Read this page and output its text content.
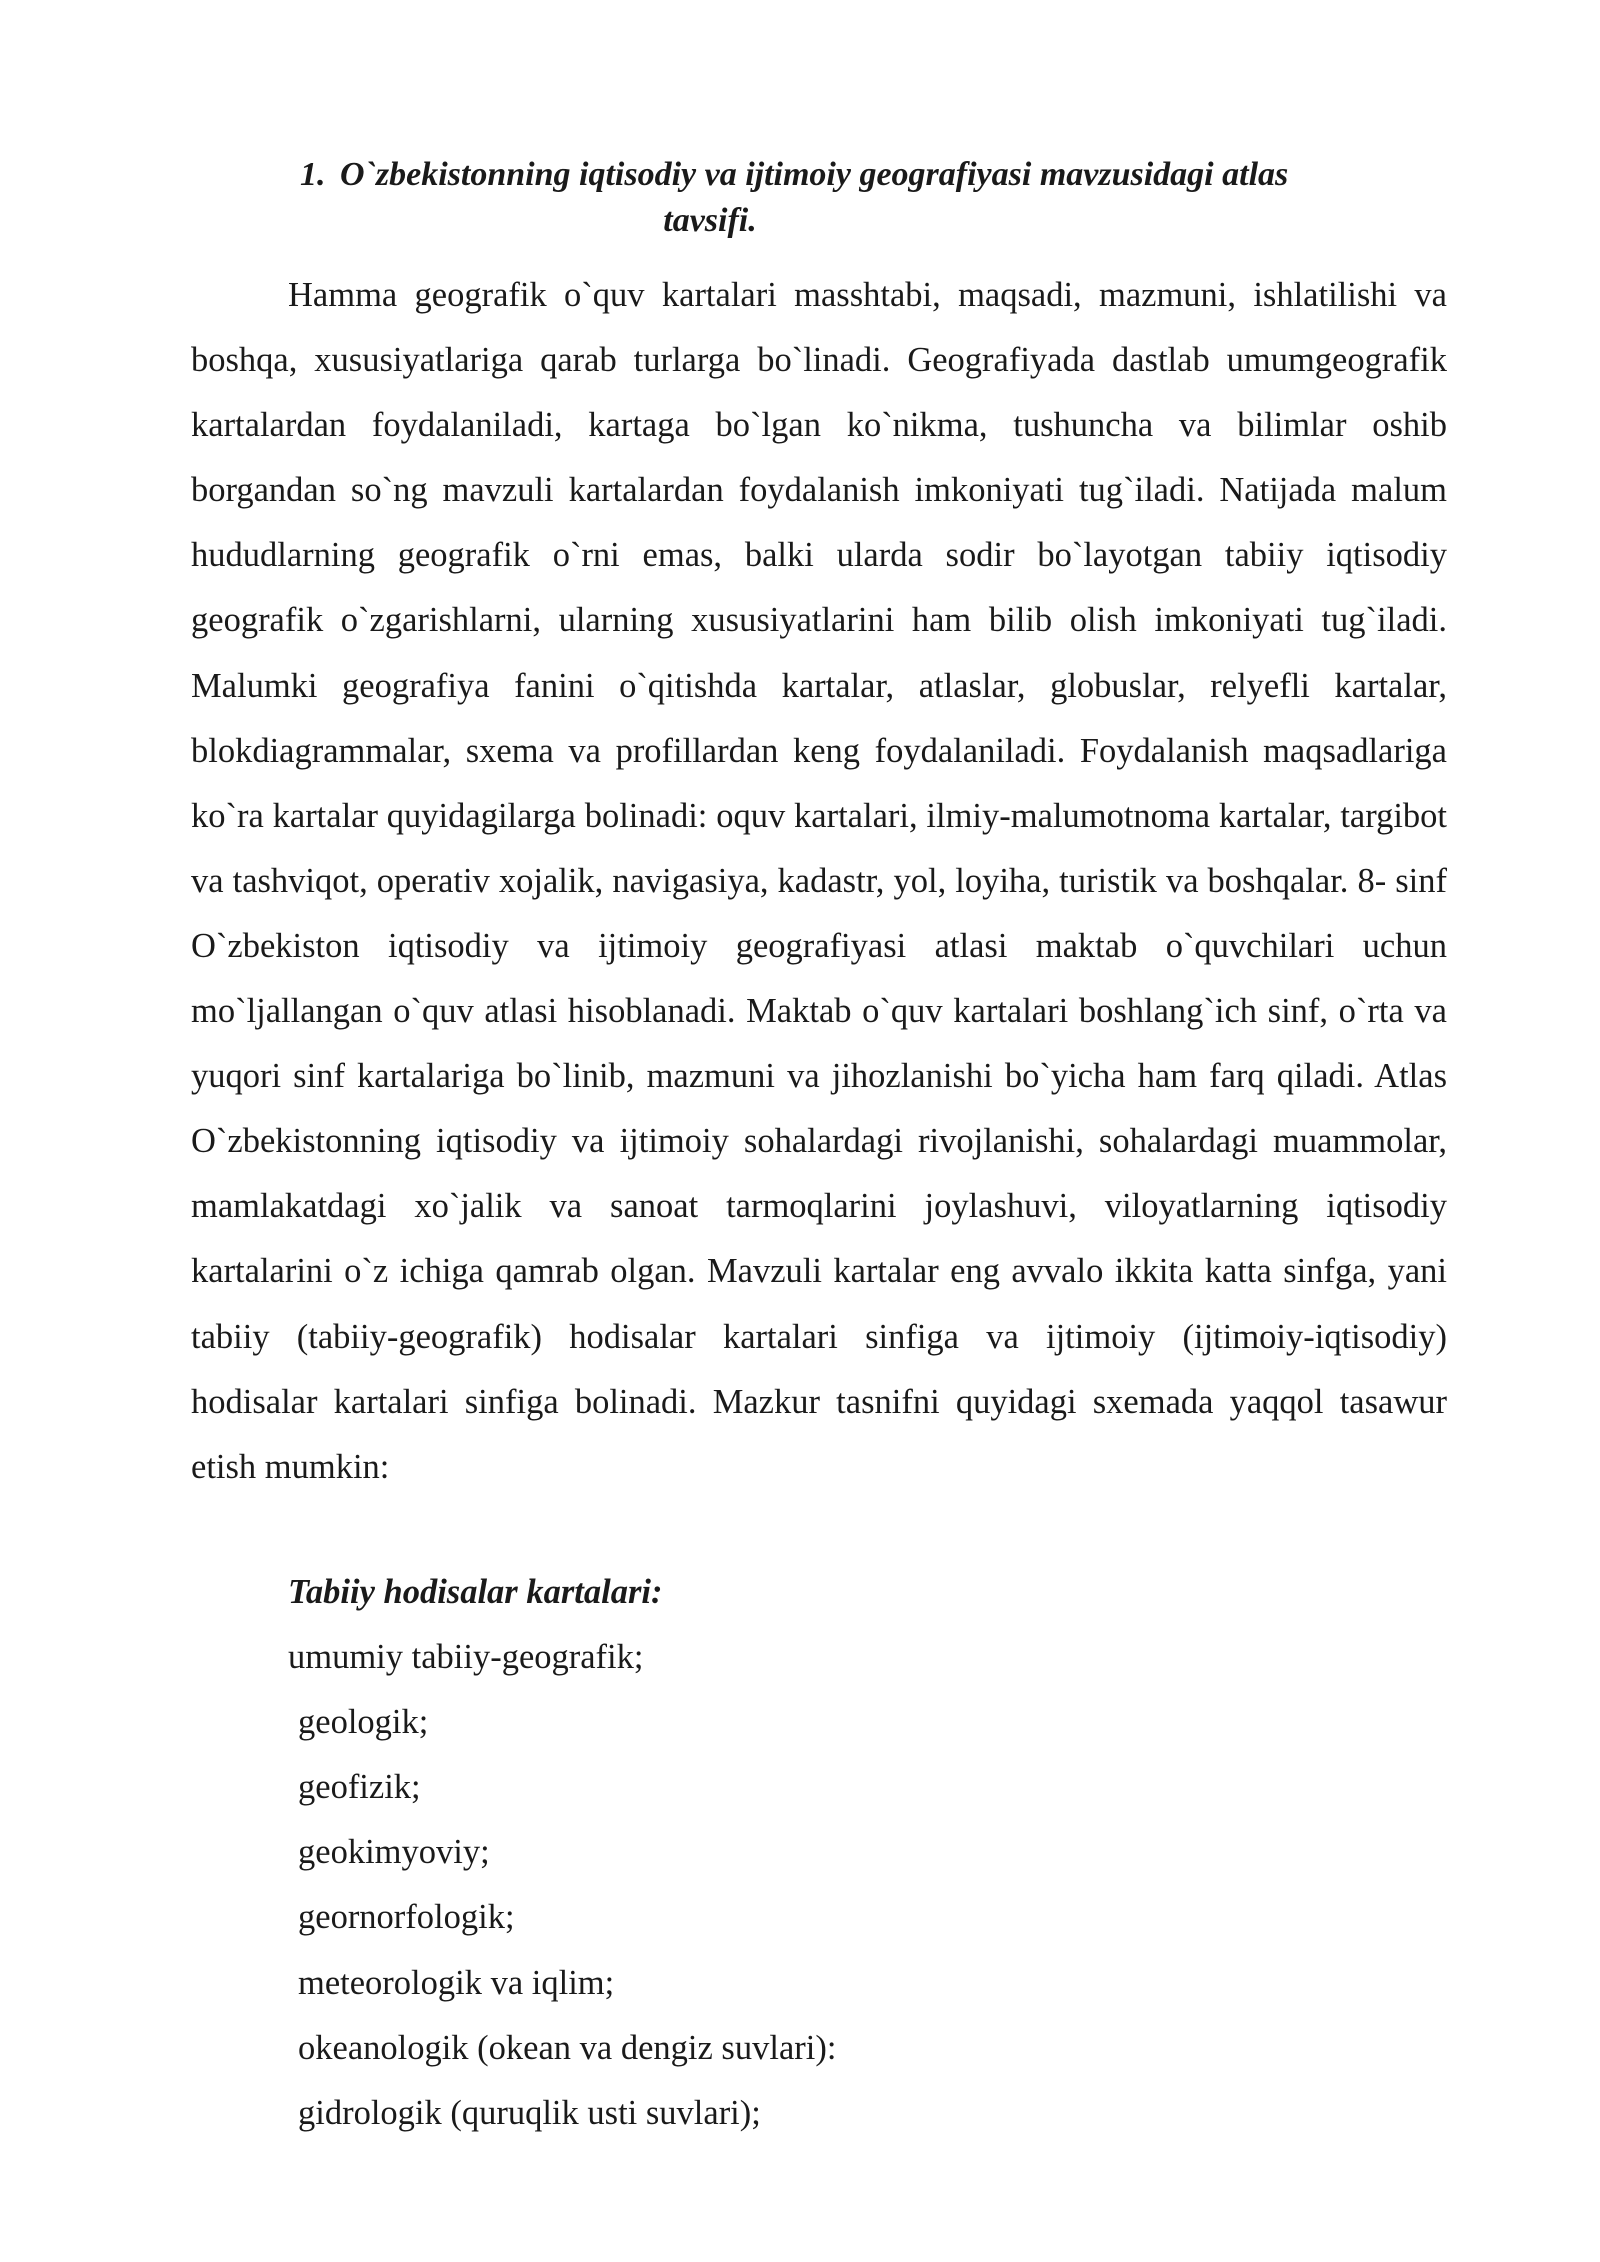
1. O`zbekistonning iqtisodiy va ijtimoiy geografiyasi mavzusidagi atlas
tavsifi.

Hamma geografik o`quv kartalari masshtabi, maqsadi, mazmuni, ishlatilishi va boshqa, xususiyatlariga qarab turlarga bo`linadi. Geografiyada dastlab umumgeografik kartalardan foydalaniladi, kartaga bo`lgan ko`nikma, tushuncha va bilimlar oshib borgandan so`ng mavzuli kartalardan foydalanish imkoniyati tug`iladi. Natijada malum hududlarning geografik o`rni emas, balki ularda sodir bo`layotgan tabiiy iqtisodiy geografik o`zgarishlarni, ularning xususiyatlarini ham bilib olish imkoniyati tug`iladi. Malumki geografiya fanini o`qitishda kartalar, atlaslar, globuslar, relyefli kartalar, blokdiagrammalar, sxema va profillardan keng foydalaniladi. Foydalanish maqsadlariga ko`ra kartalar quyidagilarga bolinadi: oquv kartalari, ilmiy-malumotnoma kartalar, targibot va tashviqot, operativ xojalik, navigasiya, kadastr, yol, loyiha, turistik va boshqalar. 8- sinf O`zbekiston iqtisodiy va ijtimoiy geografiyasi atlasi maktab o`quvchilari uchun mo`ljallangan o`quv atlasi hisoblanadi. Maktab o`quv kartalari boshlang`ich sinf, o`rta va yuqori sinf kartalariga bo`linib, mazmuni va jihozlanishi bo`yicha ham farq qiladi. Atlas O`zbekistonning iqtisodiy va ijtimoiy sohalardagi rivojlanishi, sohalardagi muammolar, mamlakatdagi xo`jalik va sanoat tarmoqlarini joylashuvi, viloyatlarning iqtisodiy kartalarini o`z ichiga qamrab olgan. Mavzuli kartalar eng avvalo ikkita katta sinfga, yani tabiiy (tabiiy-geografik) hodisalar kartalari sinfiga va ijtimoiy (ijtimoiy-iqtisodiy) hodisalar kartalari sinfiga bolinadi. Mazkur tasnifni quyidagi sxemada yaqqol tasawur etish mumkin:

Tabiiy hodisalar kartalari:
umumiy tabiiy-geografik;
geologik;
geofizik;
geokimyoviy;
geornorfologik;
meteorologik va iqlim;
okeanologik (okean va dengiz suvlari):
gidrologik (quruqlik usti suvlari);
